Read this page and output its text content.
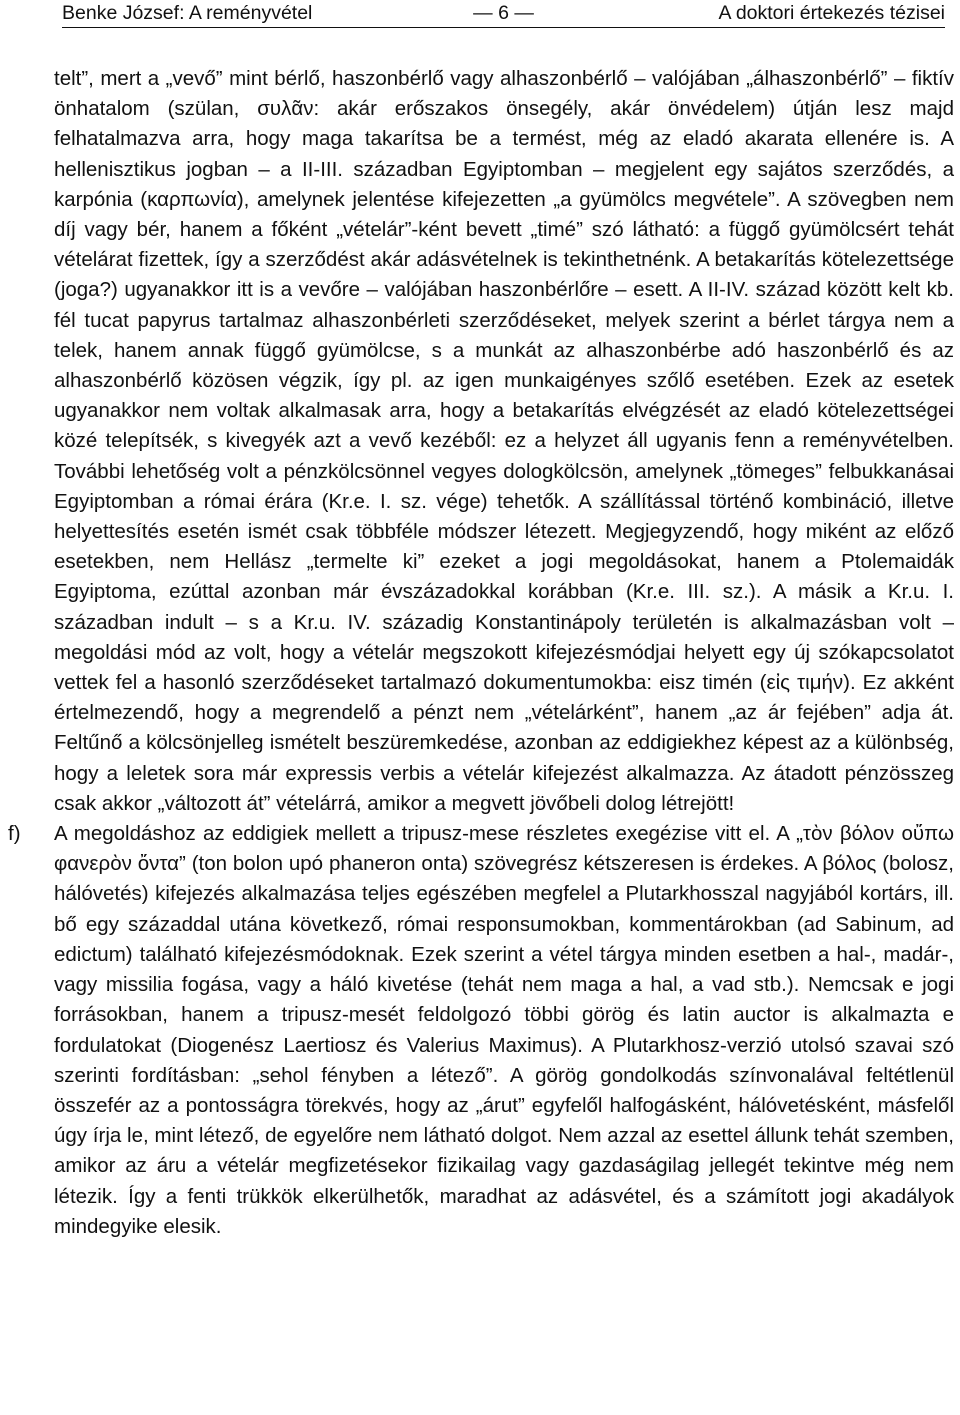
Benke József: A reményvétel	— 6 —	A doktori értekezés tézisei

telt”, mert a „vevő” mint bérlő, haszonbérlő vagy alhaszonbérlő – valójában „álhaszonbérlő” – fiktív önhatalom (szülan, συλᾶν: akár erőszakos önsegély, akár önvédelem) útján lesz majd felhatalmazva arra, hogy maga takarítsa be a termést, még az eladó akarata ellenére is. A hellenisztikus jogban – a II-III. században Egyiptomban – megjelent egy sajátos szerződés, a karpónia (καρπωνία), amelynek jelentése kifejezetten „a gyümölcs megvétele”. A szövegben nem díj vagy bér, hanem a főként „vételár”-ként bevett „timé” szó látható: a függő gyümölcsért tehát vételárat fizettek, így a szerződést akár adásvételnek is tekinthetnénk. A betakarítás kötelezettsége (joga?) ugyanakkor itt is a vevőre – valójában haszonbérlőre – esett. A II-IV. század között kelt kb. fél tucat papyrus tartalmaz alhaszonbérleti szerződéseket, melyek szerint a bérlet tárgya nem a telek, hanem annak függő gyümölcse, s a munkát az alhaszonbérbe adó haszonbérlő és az alhaszonbérlő közösen végzik, így pl. az igen munkaigényes szőlő esetében. Ezek az esetek ugyanakkor nem voltak alkalmasak arra, hogy a betakarítás elvégzését az eladó kötelezettségei közé telepítsék, s kivegyék azt a vevő kezéből: ez a helyzet áll ugyanis fenn a reményvételben. További lehetőség volt a pénzkölcsönnel vegyes dologkölcsön, amelynek „tömeges” felbukkanásai Egyiptomban a római érára (Kr.e. I. sz. vége) tehetők. A szállítással történő kombináció, illetve helyettesítés esetén ismét csak többféle módszer létezett. Megjegyzendő, hogy miként az előző esetekben, nem Hellász „termelte ki” ezeket a jogi megoldásokat, hanem a Ptolemaidák Egyiptoma, ezúttal azonban már évszázadokkal korábban (Kr.e. III. sz.). A másik a Kr.u. I. században indult – s a Kr.u. IV. századig Konstantinápoly területén is alkalmazásban volt – megoldási mód az volt, hogy a vételár megszokott kifejezésmódjai helyett egy új szókapcsolatot vettek fel a hasonló szerződéseket tartalmazó dokumentumokba: eisz timén (εἰς τιμήν). Ez akként értelmezendő, hogy a megrendelő a pénzt nem „vételárként”, hanem „az ár fejében” adja át. Feltűnő a kölcsönjelleg ismételt beszüremkedése, azonban az eddigiekhez képest az a különbség, hogy a leletek sora már expressis verbis a vételár kifejezést alkalmazza. Az átadott pénzösszeg csak akkor „változott át” vételárrá, amikor a megvett jövőbeli dolog létrejött!

f) A megoldáshoz az eddigiek mellett a tripusz-mese részletes exegézise vitt el. A „τὸν βόλον οὔπω φανερὸν ὄντα” (ton bolon upó phaneron onta) szövegrész kétszeresen is érdekes. A βόλος (bolosz, hálóvetés) kifejezés alkalmazása teljes egészében megfelel a Plutarkhosszal nagyjából kortárs, ill. bő egy századdal utána következő, római responsumokban, kommentárokban (ad Sabinum, ad edictum) található kifejezésmódoknak. Ezek szerint a vétel tárgya minden esetben a hal-, madár-, vagy missilia fogása, vagy a háló kivetése (tehát nem maga a hal, a vad stb.). Nemcsak e jogi forrásokban, hanem a tripusz-mesét feldolgozó többi görög és latin auctor is alkalmazta e fordulatokat (Diogenész Laertiosz és Valerius Maximus). A Plutarkhosz-verzió utolsó szavai szó szerinti fordításban: „sehol fényben a létező”. A görög gondolkodás színvonalával feltétlenül összefér az a pontosságra törekvés, hogy az „árut” egyfelől halfogásként, hálóvetésként, másfelől úgy írja le, mint létező, de egyelőre nem látható dolgot. Nem azzal az esettel állunk tehát szemben, amikor az áru a vételár megfizetésekor fizikailag vagy gazdaságilag jellegét tekintve még nem létezik. Így a fenti trükkök elkerülhetők, maradhat az adásvétel, és a számított jogi akadályok mindegyike elesik.
